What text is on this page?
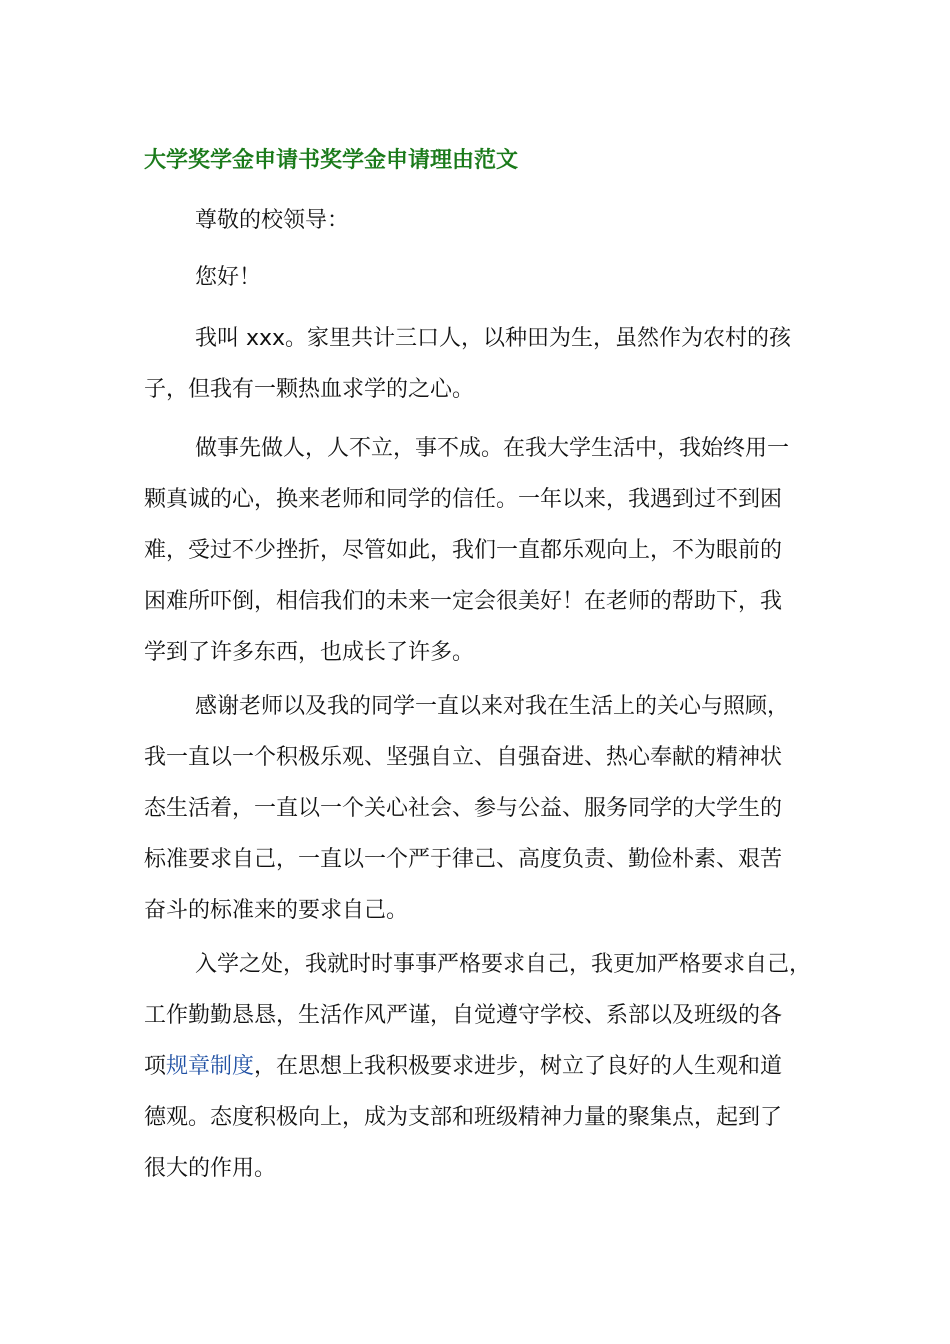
大学奖学金申请书奖学金申请理由范文
尊敬的校领导：
您好！
我叫 xxx。家里共计三口人，以种田为生，虽然作为农村的孩
子，但我有一颗热血求学的之心。
做事先做人，人不立，事不成。在我大学生活中，我始终用一
颗真诚的心，换来老师和同学的信任。一年以来，我遇到过不到困
难，受过不少挫折，尽管如此，我们一直都乐观向上，不为眼前的
困难所吓倒，相信我们的未来一定会很美好！在老师的帮助下，我
学到了许多东西，也成长了许多。
感谢老师以及我的同学一直以来对我在生活上的关心与照顾，
我一直以一个积极乐观、坚强自立、自强奋进、热心奉献的精神状
态生活着，一直以一个关心社会、参与公益、服务同学的大学生的
标准要求自己，一直以一个严于律己、高度负责、勤俭朴素、艰苦
奋斗的标准来的要求自己。
入学之处，我就时时事事严格要求自己，我更加严格要求自己，
工作勤勤恳恳，生活作风严谨，自觉遵守学校、系部以及班级的各
项规章制度，在思想上我积极要求进步，树立了良好的人生观和道
德观。态度积极向上，成为支部和班级精神力量的聚集点，起到了
很大的作用。
